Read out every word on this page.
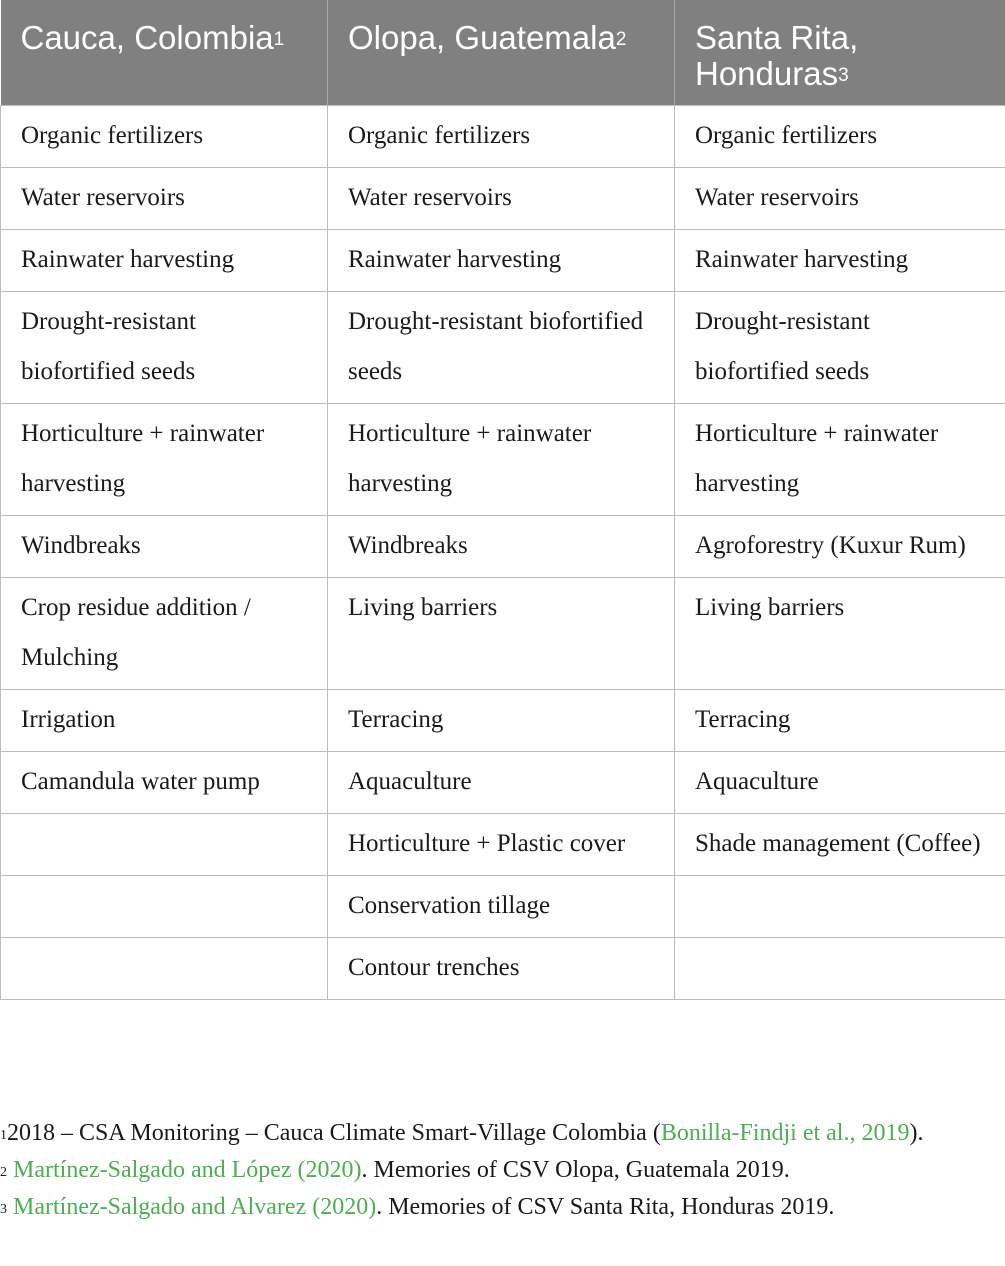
Cauca, Colombia$^1$	Olopa, Guatemala$^2$	Santa Rita, Honduras$^3$
Organic fertilizers	Organic fertilizers	Organic fertilizers
Water reservoirs	Water reservoirs	Water reservoirs
Rainwater harvesting	Rainwater harvesting	Rainwater harvesting
Drought-resistant biofortified seeds	Drought-resistant biofortified seeds	Drought-resistant biofortified seeds
Horticulture + rainwater harvesting	Horticulture + rainwater harvesting	Horticulture + rainwater harvesting
Windbreaks	Windbreaks	Agroforestry (Kuxur Rum)
Crop residue addition / Mulching	Living barriers	Living barriers
Irrigation	Terracing	Terracing
Camandula water pump	Aquaculture	Aquaculture
	Horticulture + Plastic cover	Shade management (Coffee)
	Conservation tillage	
	Contour trenches	

$^1$2018 – CSA Monitoring – Cauca Climate Smart-Village Colombia (Bonilla-Findji et al., 2019).

$^2$ Martínez-Salgado and López (2020). Memories of CSV Olopa, Guatemala 2019.

$^3$ Martínez-Salgado and Alvarez (2020). Memories of CSV Santa Rita, Honduras 2019.
